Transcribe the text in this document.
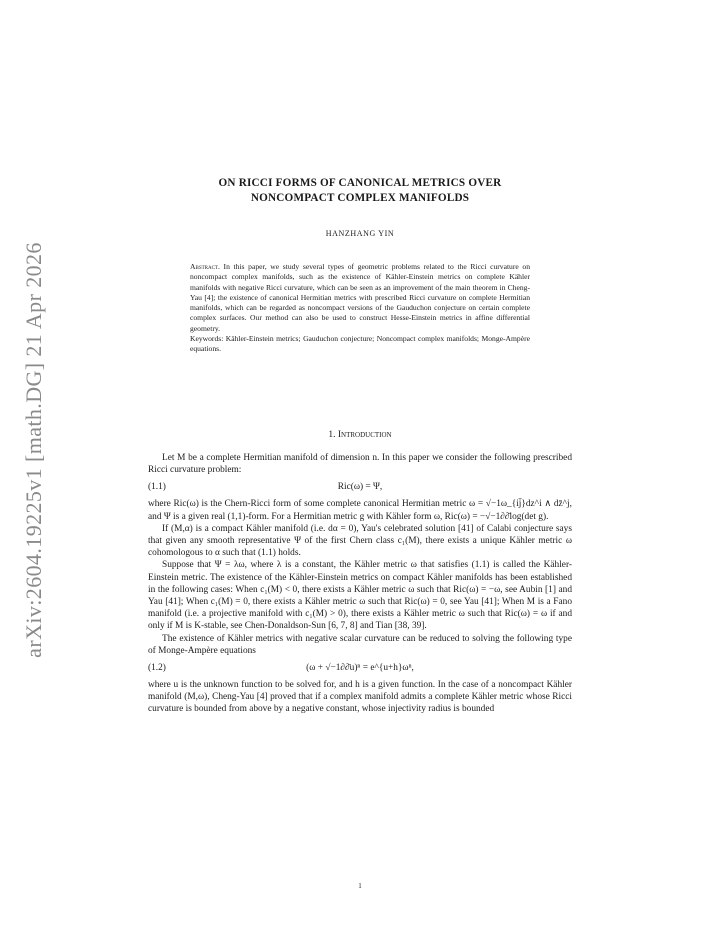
arXiv:2604.19225v1 [math.DG] 21 Apr 2026
ON RICCI FORMS OF CANONICAL METRICS OVER
NONCOMPACT COMPLEX MANIFOLDS
HANZHANG YIN
Abstract. In this paper, we study several types of geometric problems related to the Ricci curvature on noncompact complex manifolds, such as the existence of Kähler-Einstein metrics on complete Kähler manifolds with negative Ricci curvature, which can be seen as an improvement of the main theorem in Cheng-Yau [4]; the existence of canonical Hermitian metrics with prescribed Ricci curvature on complete Hermitian manifolds, which can be regarded as noncompact versions of the Gauduchon conjecture on certain complete complex surfaces. Our method can also be used to construct Hesse-Einstein metrics in affine differential geometry.
Keywords: Kähler-Einstein metrics; Gauduchon conjecture; Noncompact complex manifolds; Monge-Ampère equations.
1. Introduction

Let M be a complete Hermitian manifold of dimension n. In this paper we consider the following prescribed Ricci curvature problem:

(1.1)	Ric(ω) = Ψ,

where Ric(ω) is the Chern-Ricci form of some complete canonical Hermitian metric ω = √−1ω_{ij̄}dz^i ∧ dz̄^j, and Ψ is a given real (1,1)-form. For a Hermitian metric g with Kähler form ω, Ric(ω) = −√−1∂∂̄log(det g).

If (M,α) is a compact Kähler manifold (i.e. dα = 0), Yau's celebrated solution [41] of Calabi conjecture says that given any smooth representative Ψ of the first Chern class c₁(M), there exists a unique Kähler metric ω cohomologous to α such that (1.1) holds.

Suppose that Ψ = λω, where λ is a constant, the Kähler metric ω that satisfies (1.1) is called the Kähler-Einstein metric. The existence of the Kähler-Einstein metrics on compact Kähler manifolds has been established in the following cases: When c₁(M) < 0, there exists a Kähler metric ω such that Ric(ω) = −ω, see Aubin [1] and Yau [41]; When c₁(M) = 0, there exists a Kähler metric ω such that Ric(ω) = 0, see Yau [41]; When M is a Fano manifold (i.e. a projective manifold with c₁(M) > 0), there exists a Kähler metric ω such that Ric(ω) = ω if and only if M is K-stable, see Chen-Donaldson-Sun [6, 7, 8] and Tian [38, 39].

The existence of Kähler metrics with negative scalar curvature can be reduced to solving the following type of Monge-Ampère equations

(1.2)	(ω + √−1∂∂̄u)ⁿ = e^{u+h}ωⁿ,

where u is the unknown function to be solved for, and h is a given function. In the case of a noncompact Kähler manifold (M,ω), Cheng-Yau [4] proved that if a complex manifold admits a complete Kähler metric whose Ricci curvature is bounded from above by a negative constant, whose injectivity radius is bounded

1
